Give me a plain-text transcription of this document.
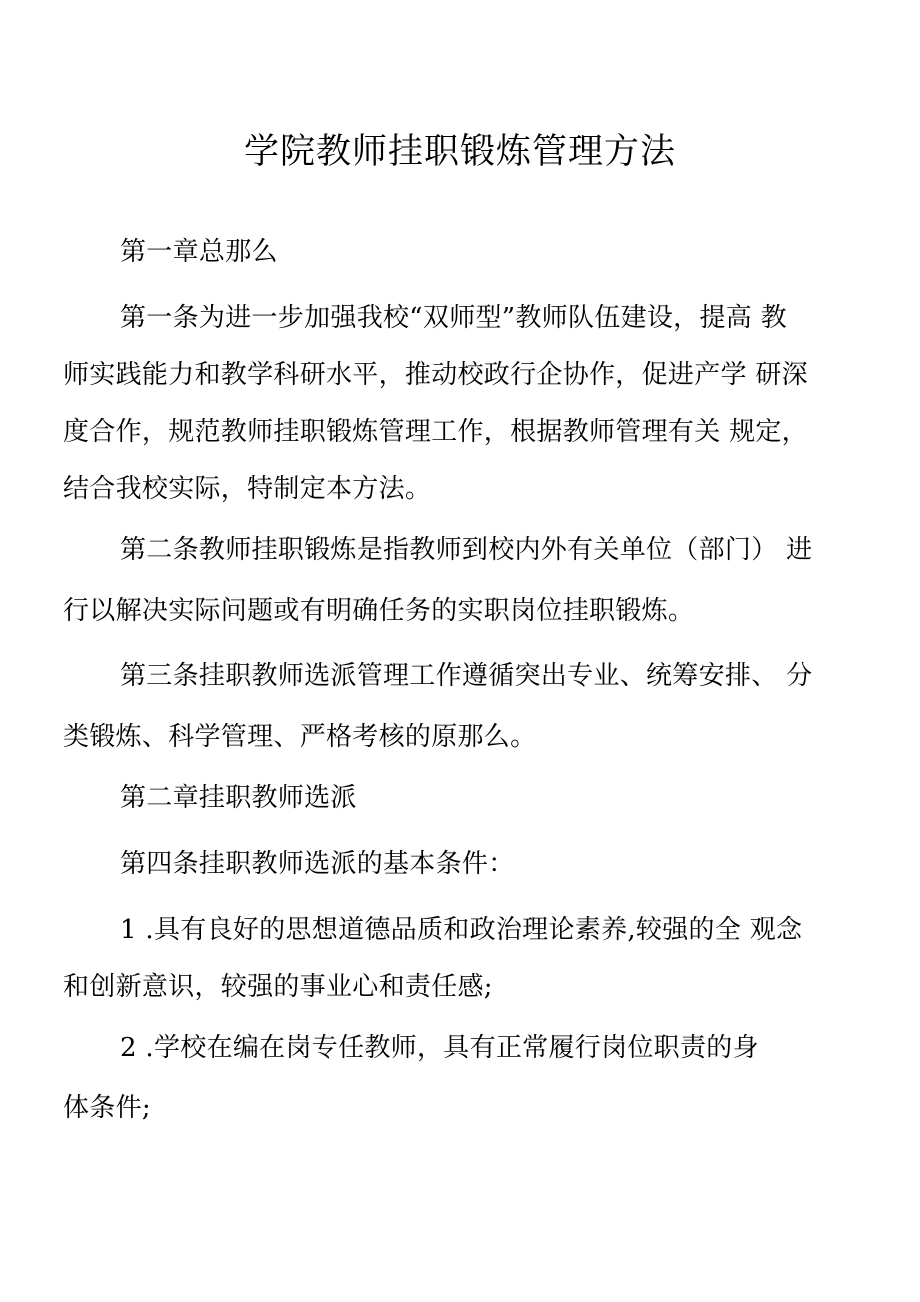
学院教师挂职锻炼管理方法
第一章总那么
第一条为进一步加强我校“双师型”教师队伍建设，提高 教
师实践能力和教学科研水平，推动校政行企协作，促进产学 研深
度合作，规范教师挂职锻炼管理工作，根据教师管理有关 规定，
结合我校实际，特制定本方法。
第二条教师挂职锻炼是指教师到校内外有关单位（部门） 进
行以解决实际问题或有明确任务的实职岗位挂职锻炼。
第三条挂职教师选派管理工作遵循突出专业、统筹安排、 分
类锻炼、科学管理、严格考核的原那么。
第二章挂职教师选派
第四条挂职教师选派的基本条件：
1 .具有良好的思想道德品质和政治理论素养,较强的全 观念
和创新意识，较强的事业心和责任感;
2 .学校在编在岗专任教师，具有正常履行岗位职责的身
体条件;
